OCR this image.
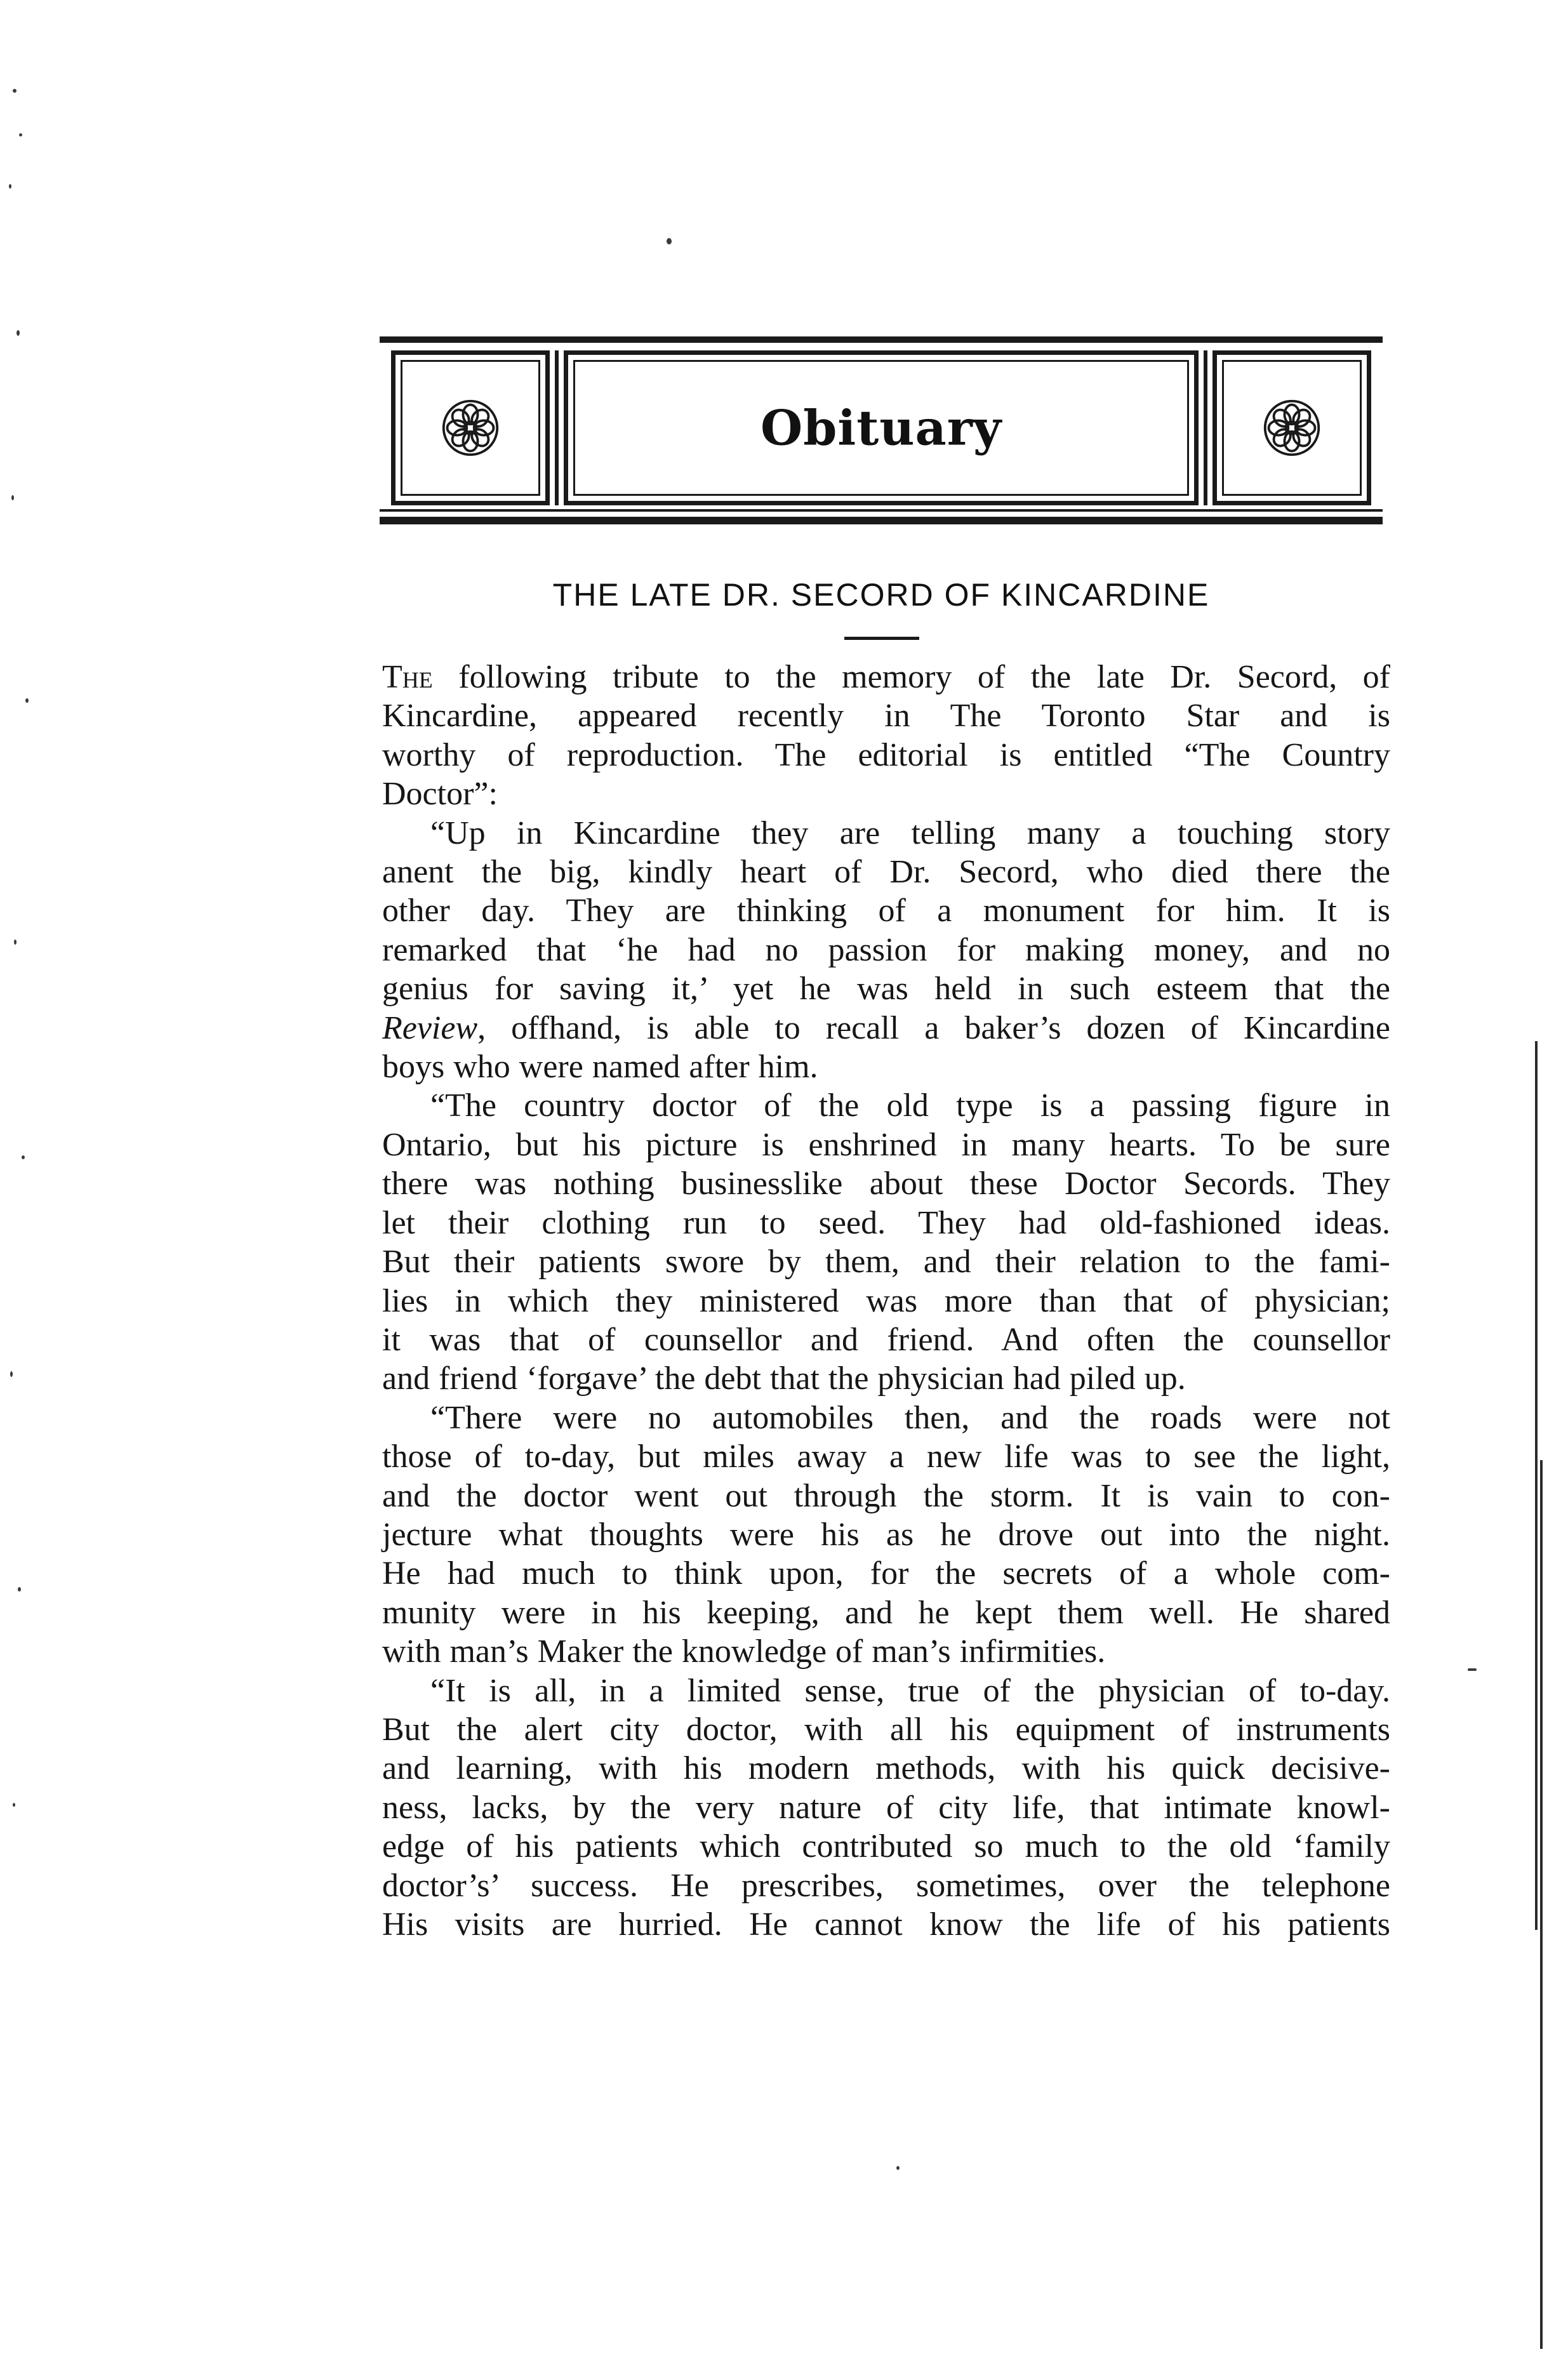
Obituary
THE LATE DR. SECORD OF KINCARDINE

The following tribute to the memory of the late Dr. Secord, of
Kincardine, appeared recently in The Toronto Star and is
worthy of reproduction. The editorial is entitled “The Country
Doctor”:

“Up in Kincardine they are telling many a touching story
anent the big, kindly heart of Dr. Secord, who died there the
other day. They are thinking of a monument for him. It is
remarked that ‘he had no passion for making money, and no
genius for saving it,’ yet he was held in such esteem that the
Review, offhand, is able to recall a baker’s dozen of Kincardine
boys who were named after him.

“The country doctor of the old type is a passing figure in
Ontario, but his picture is enshrined in many hearts. To be sure
there was nothing businesslike about these Doctor Secords. They
let their clothing run to seed. They had old-fashioned ideas.
But their patients swore by them, and their relation to the fami-
lies in which they ministered was more than that of physician;
it was that of counsellor and friend. And often the counsellor
and friend ‘forgave’ the debt that the physician had piled up.

“There were no automobiles then, and the roads were not
those of to-day, but miles away a new life was to see the light,
and the doctor went out through the storm. It is vain to con-
jecture what thoughts were his as he drove out into the night.
He had much to think upon, for the secrets of a whole com-
munity were in his keeping, and he kept them well. He shared
with man’s Maker the knowledge of man’s infirmities.

“It is all, in a limited sense, true of the physician of to-day.
But the alert city doctor, with all his equipment of instruments
and learning, with his modern methods, with his quick decisive-
ness, lacks, by the very nature of city life, that intimate knowl-
edge of his patients which contributed so much to the old ‘family
doctor’s’ success. He prescribes, sometimes, over the telephone
His visits are hurried. He cannot know the life of his patients
